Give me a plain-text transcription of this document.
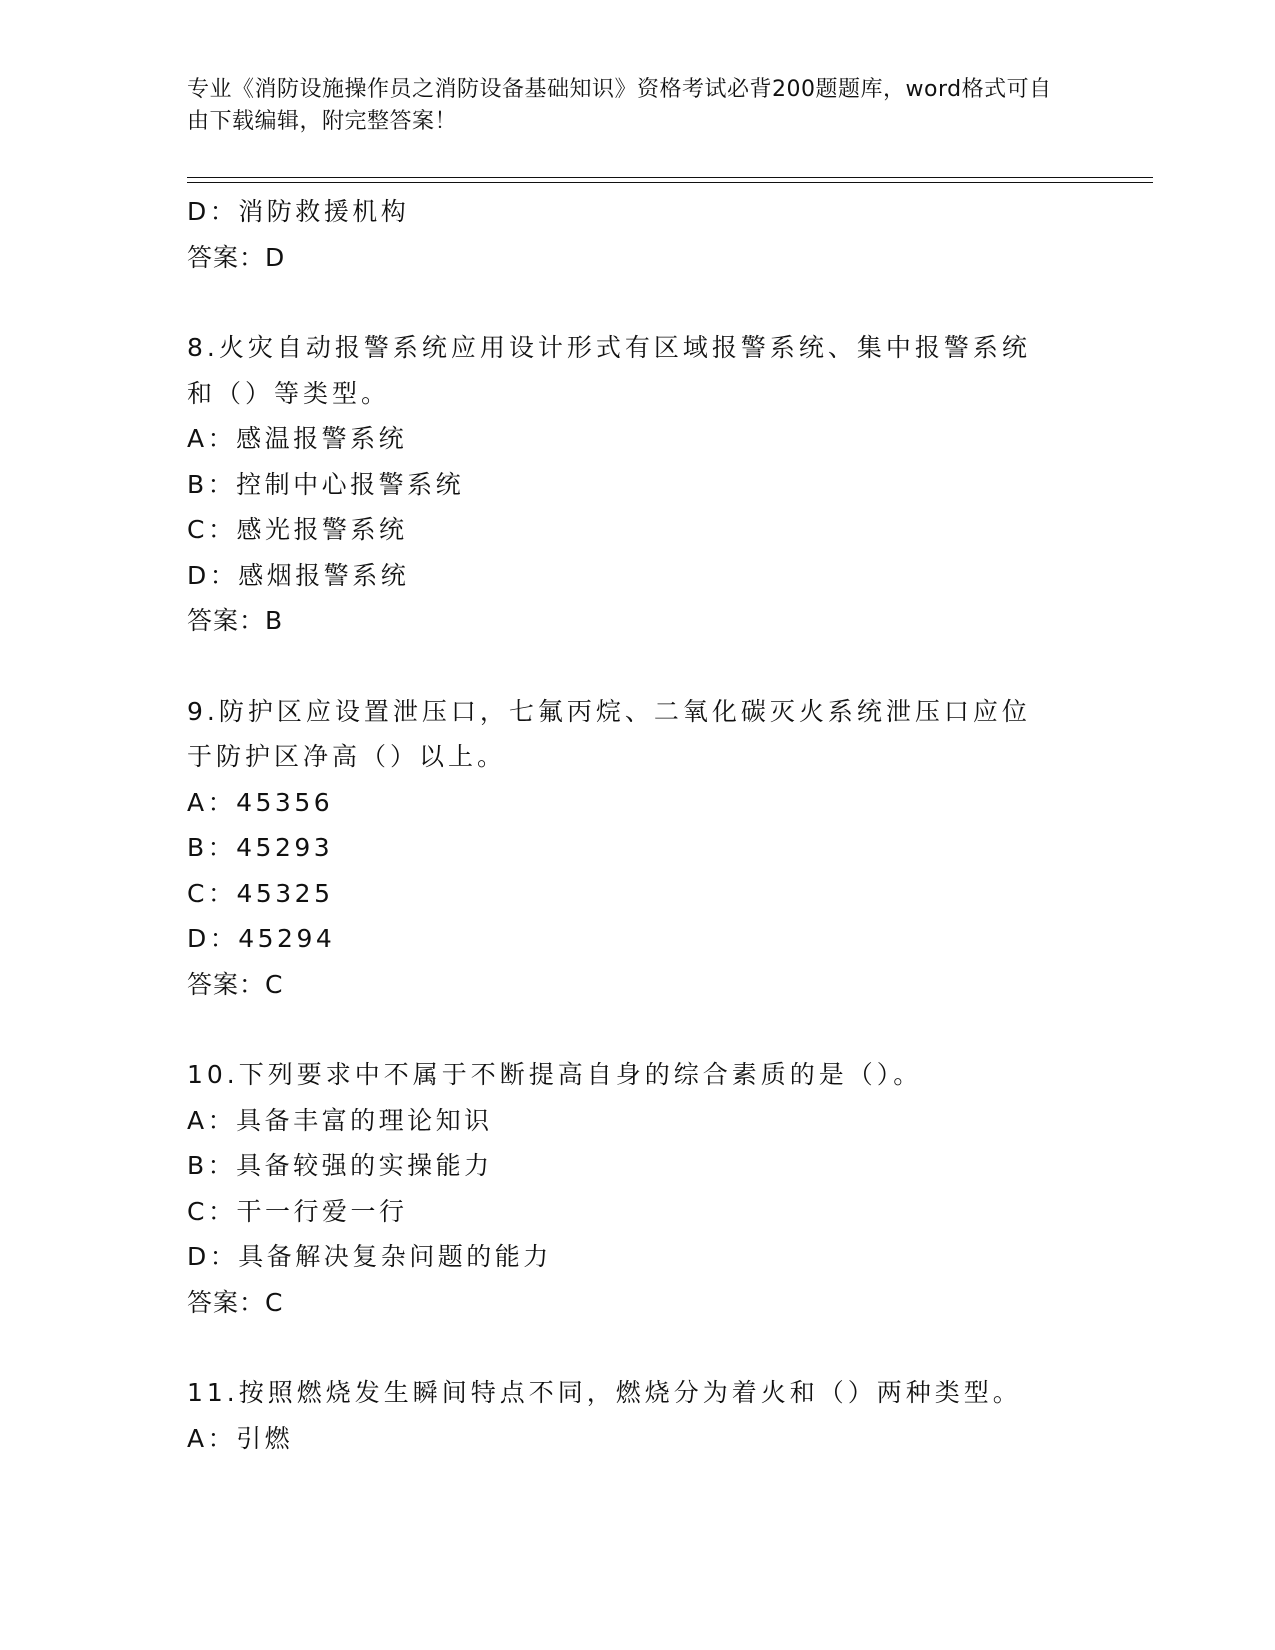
专业《消防设施操作员之消防设备基础知识》资格考试必背200题题库，word格式可自由下载编辑，附完整答案！
D：消防救援机构
答案：D
8.火灾自动报警系统应用设计形式有区域报警系统、集中报警系统和（）等类型。
A：感温报警系统
B：控制中心报警系统
C：感光报警系统
D：感烟报警系统
答案：B
9.防护区应设置泄压口，七氟丙烷、二氧化碳灭火系统泄压口应位于防护区净高（）以上。
A：45356
B：45293
C：45325
D：45294
答案：C
10.下列要求中不属于不断提高自身的综合素质的是（）。
A：具备丰富的理论知识
B：具备较强的实操能力
C：干一行爱一行
D：具备解决复杂问题的能力
答案：C
11.按照燃烧发生瞬间特点不同，燃烧分为着火和（）两种类型。
A：引燃
